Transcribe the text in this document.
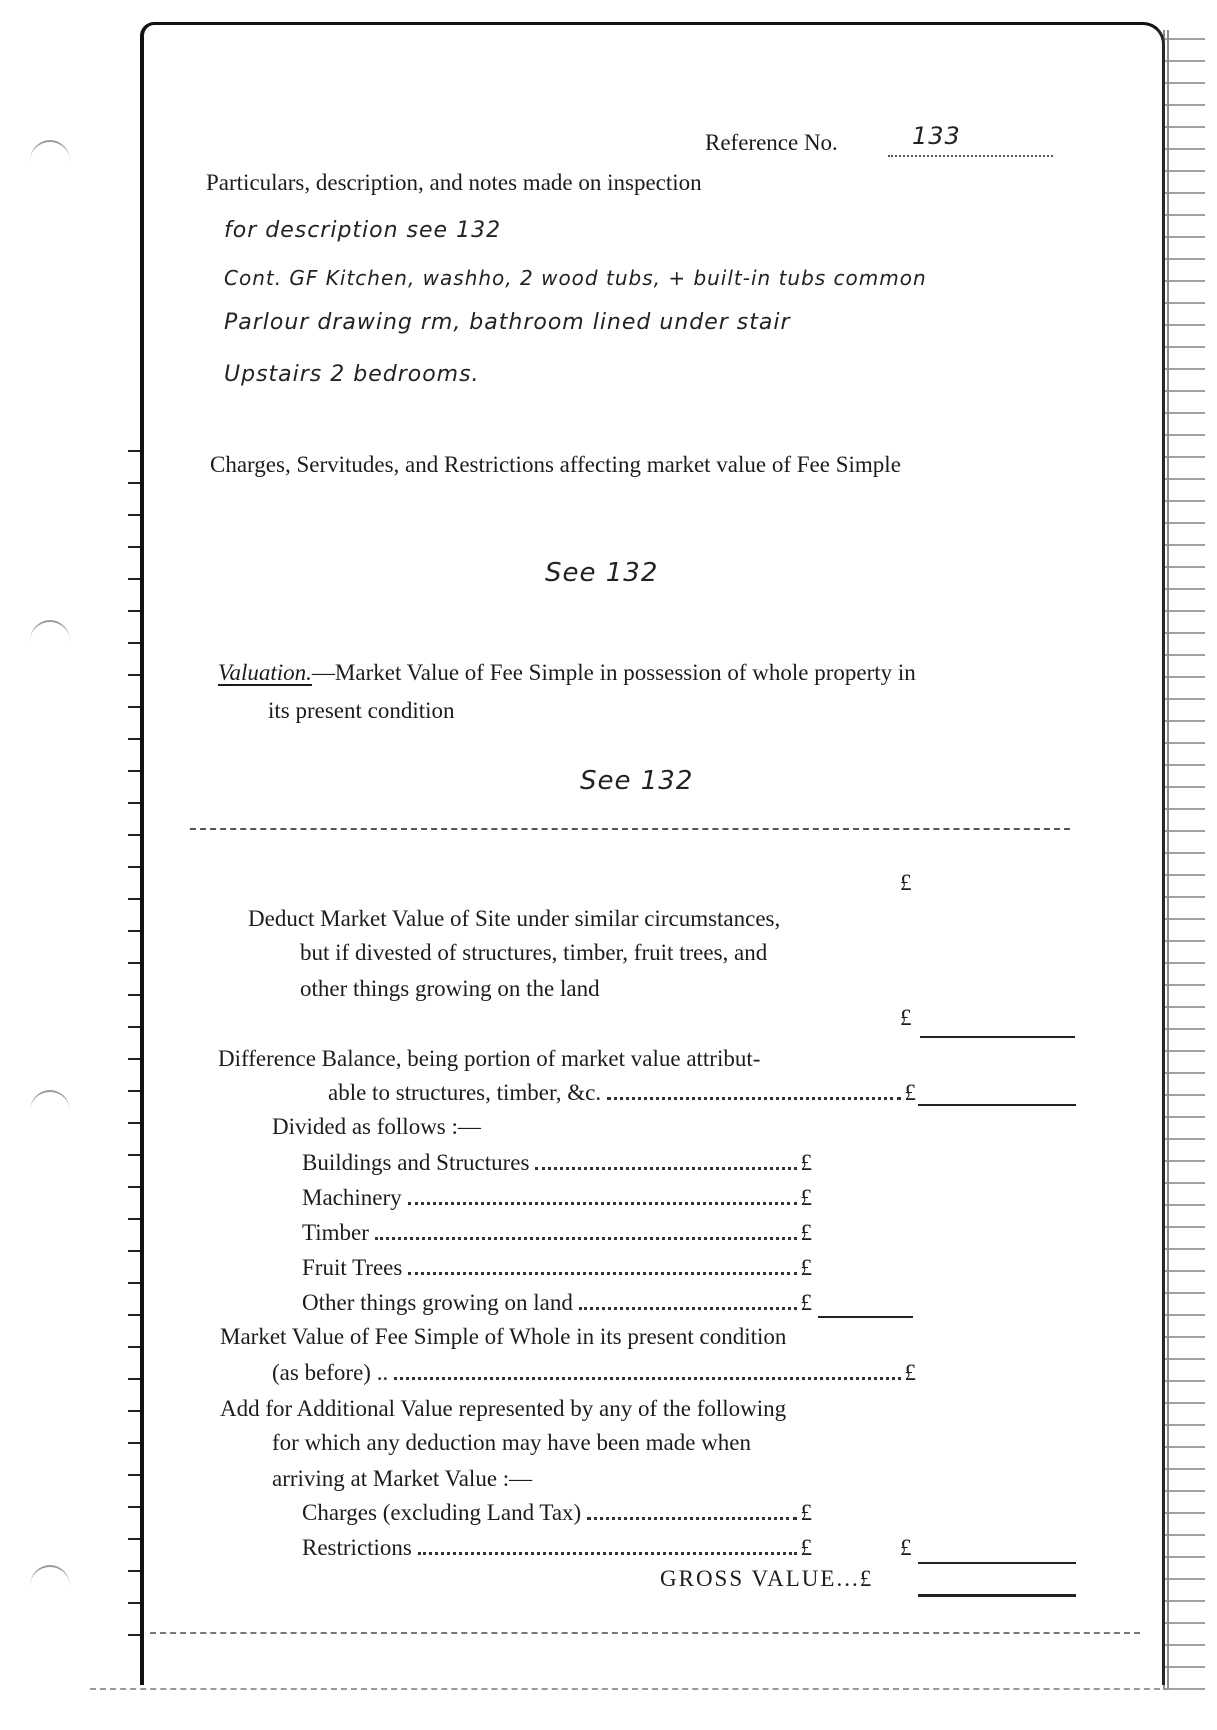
Reference No.	133
Particulars, description, and notes made on inspection
for description see 132
Cont. GF Kitchen, washho, 2 wood tubs, + built-in tubs common
Parlour drawing rm, bathroom lined under stair
Upstairs 2 bedrooms.
Charges, Servitudes, and Restrictions affecting market value of Fee Simple
See 132
Valuation.—Market Value of Fee Simple in possession of whole property in
its present condition
See 132
£
Deduct Market Value of Site under similar circumstances,
but if divested of structures, timber, fruit trees, and
other things growing on the land
£
Difference Balance, being portion of market value attribut-
able to structures, timber, &c.	£
Divided as follows :—
Buildings and Structures	£
Machinery	£
Timber	£
Fruit Trees	£
Other things growing on land	£
Market Value of Fee Simple of Whole in its present condition
(as before) ..	£
Add for Additional Value represented by any of the following
for which any deduction may have been made when
arriving at Market Value :—
Charges (excluding Land Tax)	£
Restrictions	£	£
GROSS VALUE...£
